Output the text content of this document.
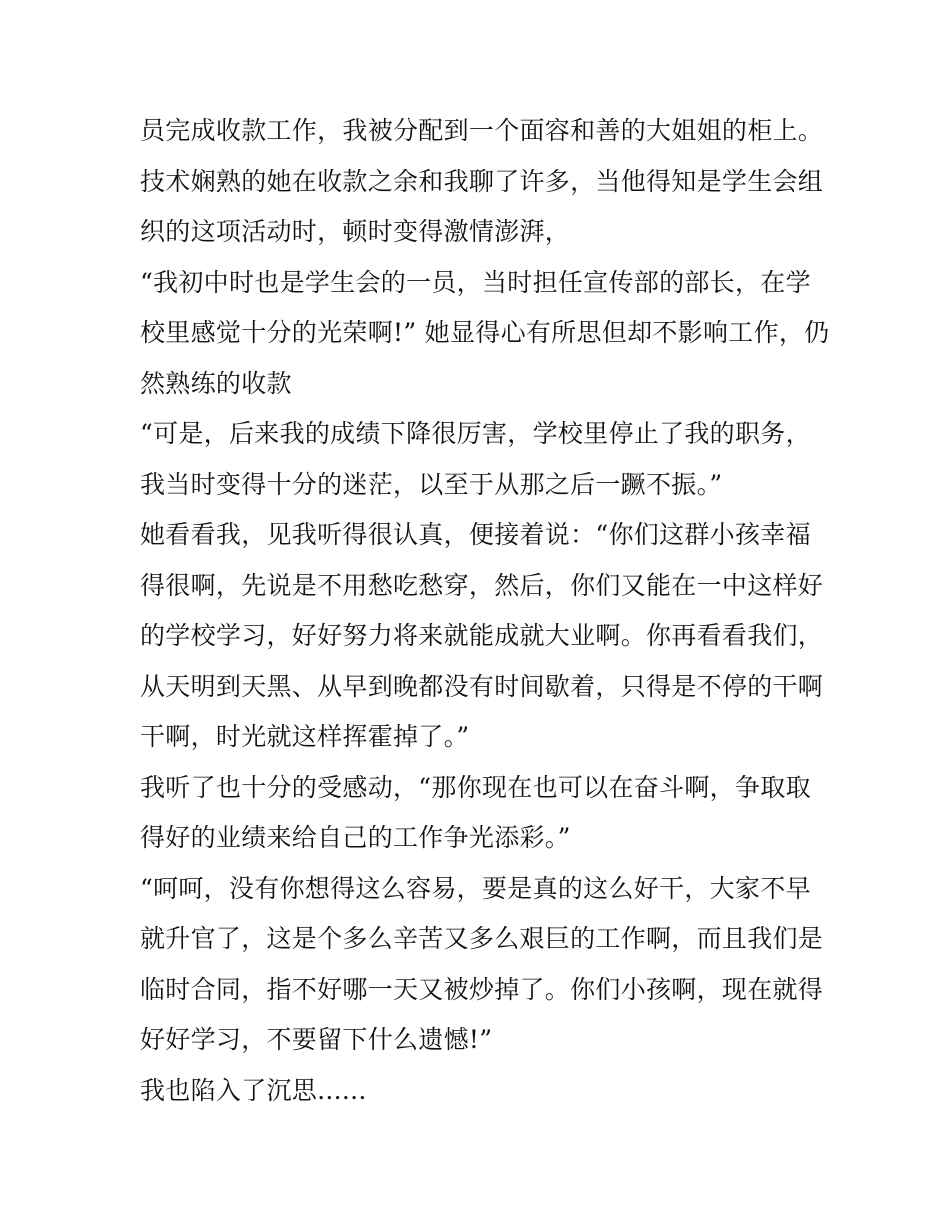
员完成收款工作，我被分配到一个面容和善的大姐姐的柜上。
技术娴熟的她在收款之余和我聊了许多，当他得知是学生会组
织的这项活动时，顿时变得激情澎湃，
“我初中时也是学生会的一员，当时担任宣传部的部长，在学
校里感觉十分的光荣啊!” 她显得心有所思但却不影响工作，仍
然熟练的收款
“可是，后来我的成绩下降很厉害，学校里停止了我的职务，
我当时变得十分的迷茫，以至于从那之后一蹶不振。”
她看看我，见我听得很认真，便接着说：“你们这群小孩幸福
得很啊，先说是不用愁吃愁穿，然后，你们又能在一中这样好
的学校学习，好好努力将来就能成就大业啊。你再看看我们，
从天明到天黑、从早到晚都没有时间歇着，只得是不停的干啊
干啊，时光就这样挥霍掉了。”
我听了也十分的受感动，“那你现在也可以在奋斗啊，争取取
得好的业绩来给自己的工作争光添彩。”
“呵呵，没有你想得这么容易，要是真的这么好干，大家不早
就升官了，这是个多么辛苦又多么艰巨的工作啊，而且我们是
临时合同，指不好哪一天又被炒掉了。你们小孩啊，现在就得
好好学习，不要留下什么遗憾!”
我也陷入了沉思......
